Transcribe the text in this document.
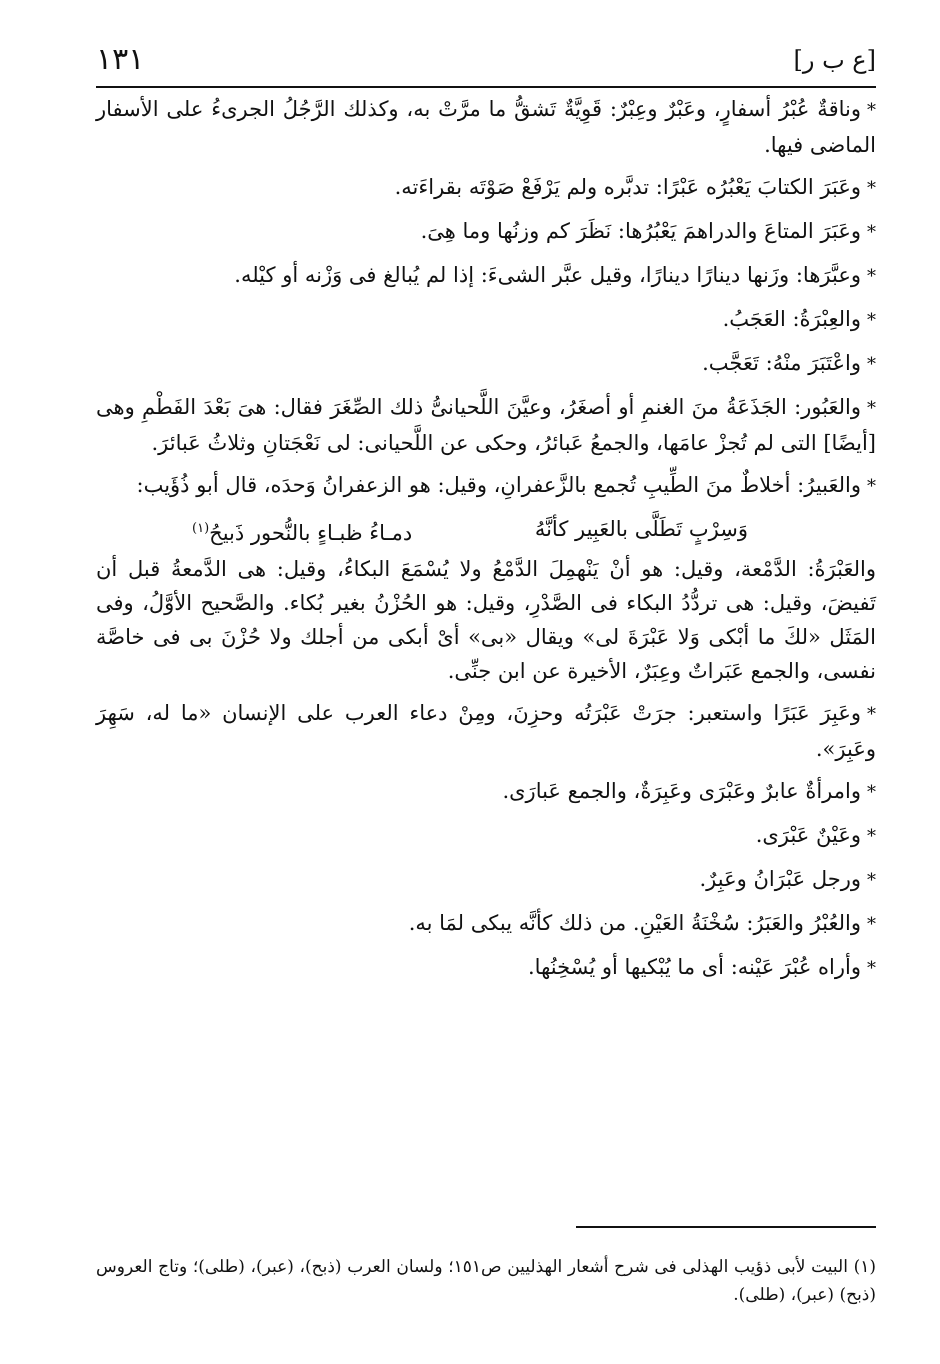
[ع ب ر]
١٣١

*وناقةٌ عُبْرُ أسفارٍ، وعَبْرٌ وعِبْرٌ: قَوِيَّةٌ تَشقُّ ما مرَّتْ به، وكذلك الرَّجُلُ الجرىءُ على الأسفار الماضى فيها.

*وعَبَرَ الكتابَ يَعْبُرُه عَبْرًا: تدبَّره ولم يَرْفَعْ صَوْتَه بقراءَته.

*وعَبَرَ المتاعَ والدراهمَ يَعْبُرُها: نَظَرَ كم وزنُها وما هِىَ.

*وعبَّرَها: وزَنها دينارًا دينارًا، وقيل عبَّر الشىءَ: إذا لم يُبالغ فى وَزْنه أو كيْله.

*والعِبْرَةُ: العَجَبُ.

*واعْتَبَرَ منْهُ: تَعَجَّب.

*والعَبُور: الجَذَعَةُ منَ الغنمِ أو أصغَرُ، وعيَّنَ اللَّحيانىُّ ذلك الصِّغَرَ فقال: هىَ بَعْدَ الفَطْمِ وهى [أيضًا] التى لم تُجزْ عامَها، والجمعُ عَبائرُ، وحكى عن اللَّحيانى: لى نَعْجَتانِ وثلاثُ عَبائرَ.

*والعَبيرُ: أخلاطٌ منَ الطِّيبِ تُجمع بالزَّعفرانِ، وقيل: هو الزعفرانُ وَحدَه، قال أبو ذُؤَيب:

وَسِرْبٍ تَطَلَّى بالعَبِير كأنَّهُ
دمـاءُ ظبـاءٍ بالنُّحور ذَبيحُ$^{(١)}$

والعَبْرَةُ: الدَّمْعة، وقيل: هو أنْ يَنْهمِلَ الدَّمْعُ ولا يُسْمَعَ البكاءُ، وقيل: هى الدَّمعةُ قبل أن تَفيضَ، وقيل: هى تردُّدُ البكاء فى الصَّدْرِ، وقيل: هو الحُزْنُ بغير بُكاء. والصَّحيح الأوَّلُ، وفى المَثَل «لكَ ما أبْكى وَلا عَبْرَةَ لى» ويقال «بى» أىْ أبكى من أجلك ولا حُزْنَ بى فى خاصَّة نفسى، والجمع عَبَراتٌ وعِبَرٌ، الأخيرة عن ابن جنِّى.

*وعَبِرَ عَبَرًا واستعبر: جرَتْ عَبْرَتُه وحزِنَ، ومِنْ دعاء العرب على الإنسان «ما له، سَهِرَ وعَبِرَ».

*وامرأةٌ عابرٌ وعَبْرَى وعَبِرَةٌ، والجمع عَبارَى.

*وعَيْنٌ عَبْرَى.

*ورجل عَبْرَانُ وعَبِرٌ.

*والعُبْرُ والعَبَرُ: سُخْنَةُ العَيْنِ. من ذلك كأنَّه يبكى لمَا به.

*وأراه عُبْرَ عَيْنه: أى ما يُبْكيها أو يُسْخِنُها.

(١) البيت لأبى ذؤيب الهذلى فى شرح أشعار الهذليين ص١٥١؛ ولسان العرب (ذبح)، (عبر)، (طلى)؛ وتاج العروس (ذبح) (عبر)، (طلى).
